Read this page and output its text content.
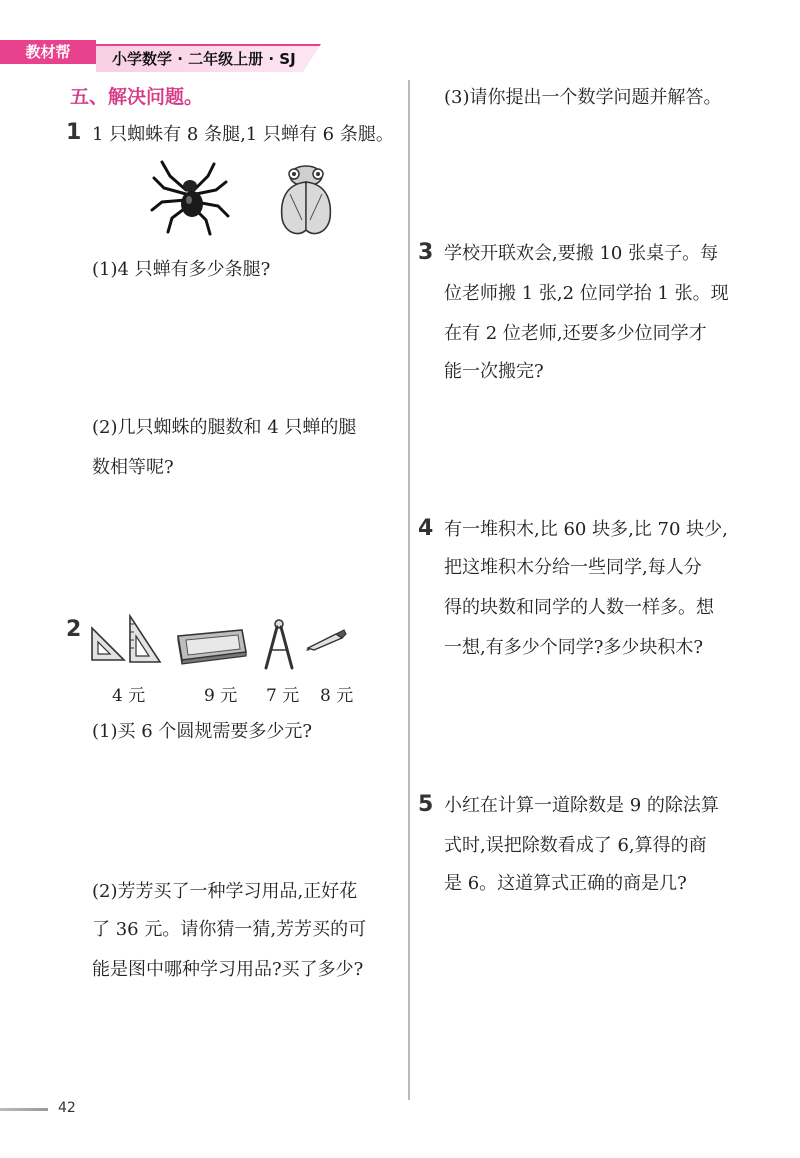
教材帮	小学数学 · 二年级上册 · SJ
五、解决问题。
1 1 只蜘蛛有 8 条腿,1 只蝉有 6 条腿。
(1)4 只蝉有多少条腿?
(2)几只蜘蛛的腿数和 4 只蝉的腿
数相等呢?
(3)请你提出一个数学问题并解答。
2
4 元	9 元 7 元 8 元
(1)买 6 个圆规需要多少元?
(2)芳芳买了一种学习用品,正好花
了 36 元。请你猜一猜,芳芳买的可
能是图中哪种学习用品?买了多少?
3 学校开联欢会,要搬 10 张桌子。每
位老师搬 1 张,2 位同学抬 1 张。现
在有 2 位老师,还要多少位同学才
能一次搬完?
4 有一堆积木,比 60 块多,比 70 块少,
把这堆积木分给一些同学,每人分
得的块数和同学的人数一样多。想
一想,有多少个同学?多少块积木?
5 小红在计算一道除数是 9 的除法算
式时,误把除数看成了 6,算得的商
是 6。这道算式正确的商是几?
42
